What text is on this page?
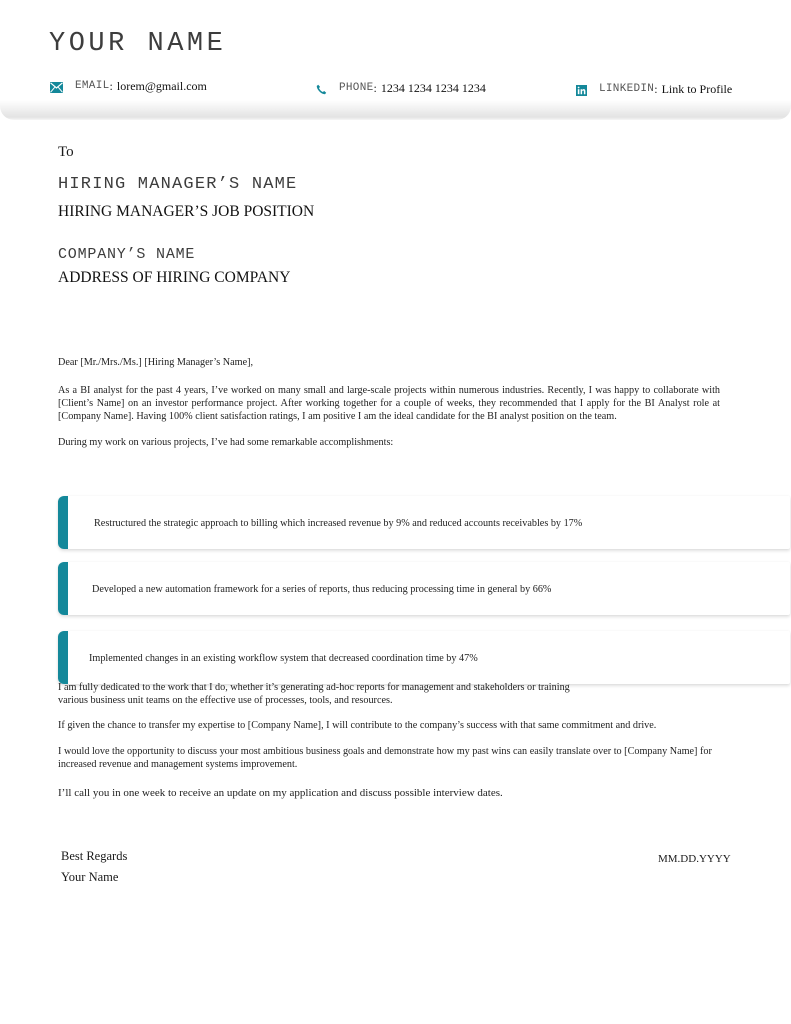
YOUR NAME
EMAIL : lorem@gmail.com	PHONE : 1234 1234 1234 1234	LINKEDIN : Link to Profile
To
HIRING MANAGER’S NAME
HIRING MANAGER’S JOB POSITION
COMPANY’S NAME
ADDRESS OF HIRING COMPANY
Dear [Mr./Mrs./Ms.] [Hiring Manager’s Name],
As a BI analyst for the past 4 years, I’ve worked on many small and large-scale projects within numerous industries. Recently, I was happy to collaborate with [Client’s Name] on an investor performance project. After working together for a couple of weeks, they recommended that I apply for the BI Analyst role at [Company Name]. Having 100% client satisfaction ratings, I am positive I am the ideal candidate for the BI analyst position on the team.
During my work on various projects, I’ve had some remarkable accomplishments:
Restructured the strategic approach to billing which increased revenue by 9% and reduced accounts receivables by 17%
Developed a new automation framework for a series of reports, thus reducing processing time in general by 66%
Implemented changes in an existing workflow system that decreased coordination time by 47%
I am fully dedicated to the work that I do, whether it’s generating ad-hoc reports for management and stakeholders or training various business unit teams on the effective use of processes, tools, and resources.
If given the chance to transfer my expertise to [Company Name], I will contribute to the company’s success with that same commitment and drive.
I would love the opportunity to discuss your most ambitious business goals and demonstrate how my past wins can easily translate over to [Company Name] for increased revenue and management systems improvement.
I’ll call you in one week to receive an update on my application and discuss possible interview dates.
Best Regards
Your Name
MM.DD.YYYY
